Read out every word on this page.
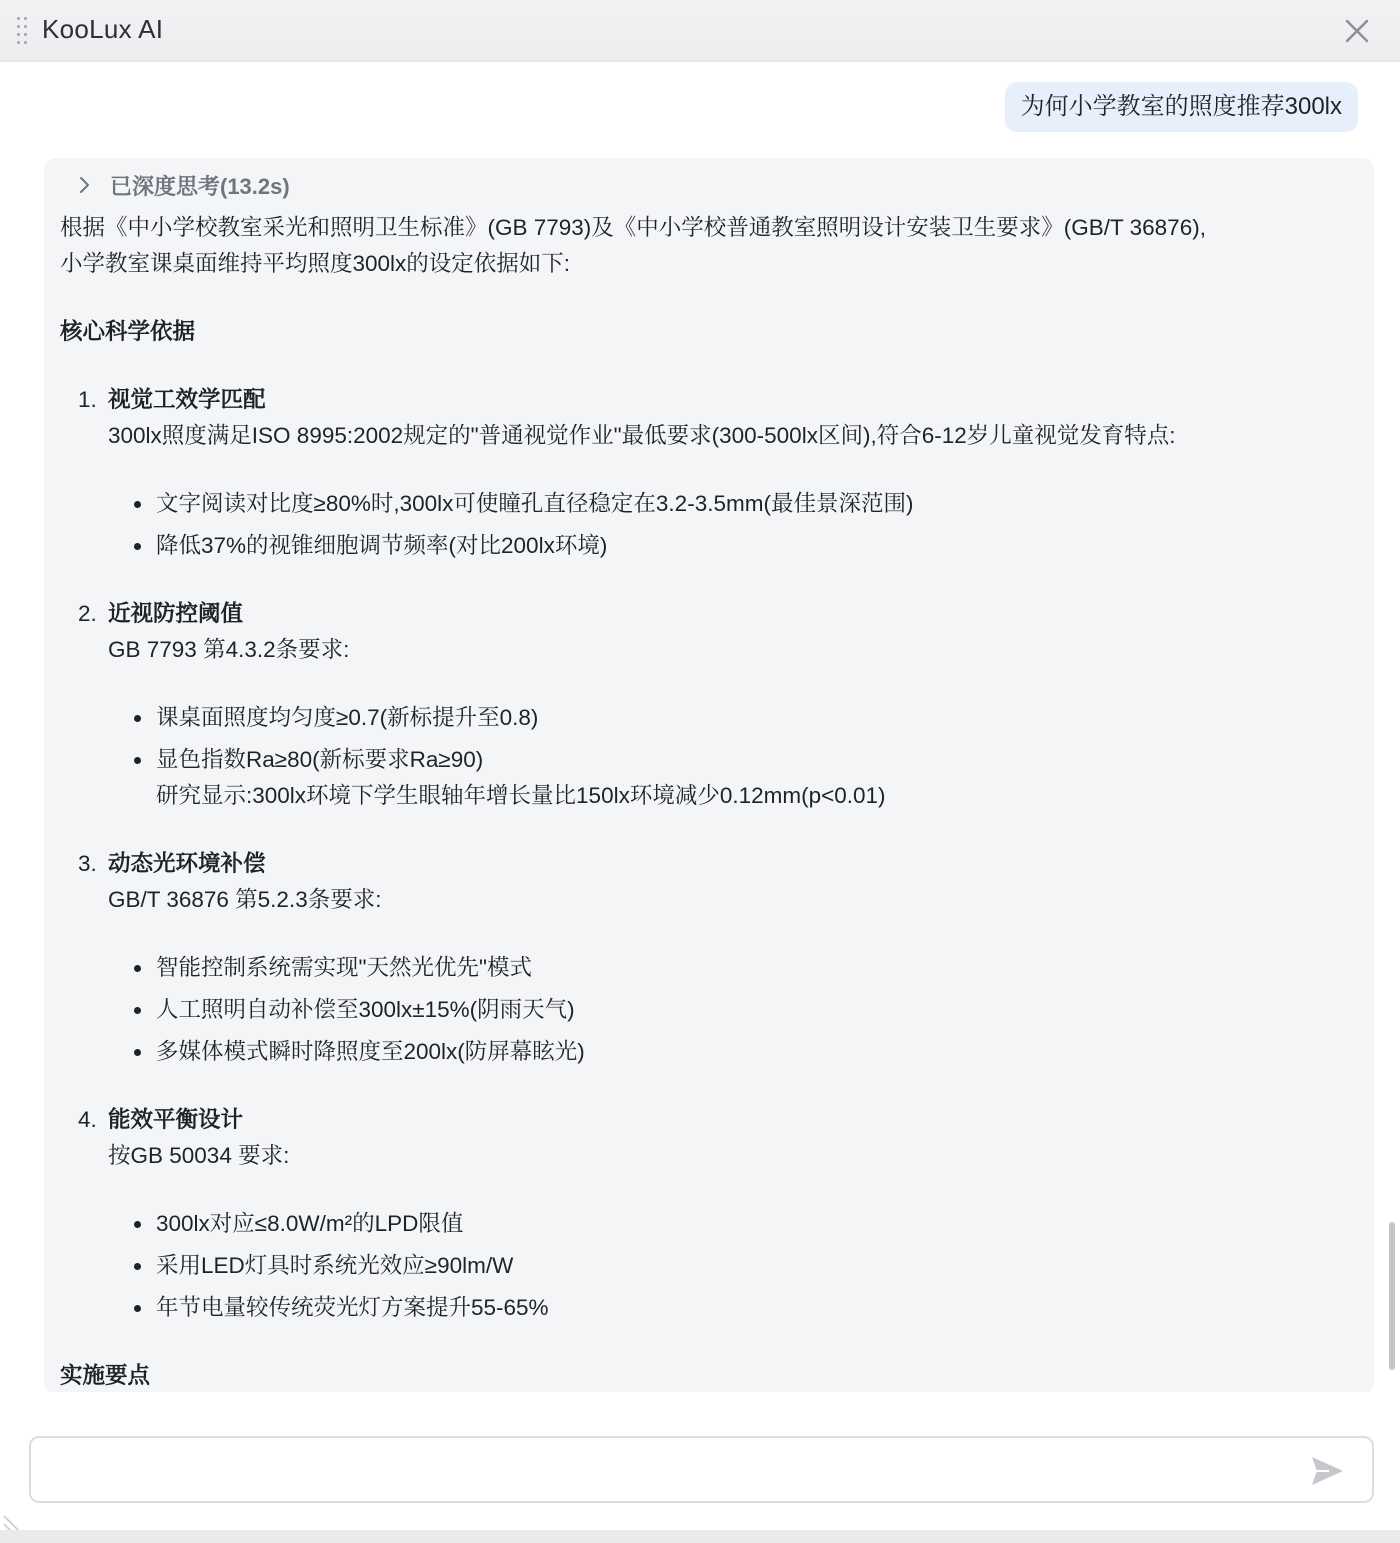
KooLux AI
为何小学教室的照度推荐300lx
已深度思考(13.2s)
根据《中小学校教室采光和照明卫生标准》(GB 7793)及《中小学校普通教室照明设计安装卫生要求》(GB/T 36876),
小学教室课桌面维持平均照度300lx的设定依据如下:
核心科学依据
1. 视觉工效学匹配
300lx照度满足ISO 8995:2002规定的"普通视觉作业"最低要求(300-500lx区间),符合6-12岁儿童视觉发育特点:
文字阅读对比度≥80%时,300lx可使瞳孔直径稳定在3.2-3.5mm(最佳景深范围)
降低37%的视锥细胞调节频率(对比200lx环境)
2. 近视防控阈值
GB 7793 第4.3.2条要求:
课桌面照度均匀度≥0.7(新标提升至0.8)
显色指数Ra≥80(新标要求Ra≥90)
研究显示:300lx环境下学生眼轴年增长量比150lx环境减少0.12mm(p<0.01)
3. 动态光环境补偿
GB/T 36876 第5.2.3条要求:
智能控制系统需实现"天然光优先"模式
人工照明自动补偿至300lx±15%(阴雨天气)
多媒体模式瞬时降照度至200lx(防屏幕眩光)
4. 能效平衡设计
按GB 50034 要求:
300lx对应≤8.0W/m²的LPD限值
采用LED灯具时系统光效应≥90lm/W
年节电量较传统荧光灯方案提升55-65%
实施要点
